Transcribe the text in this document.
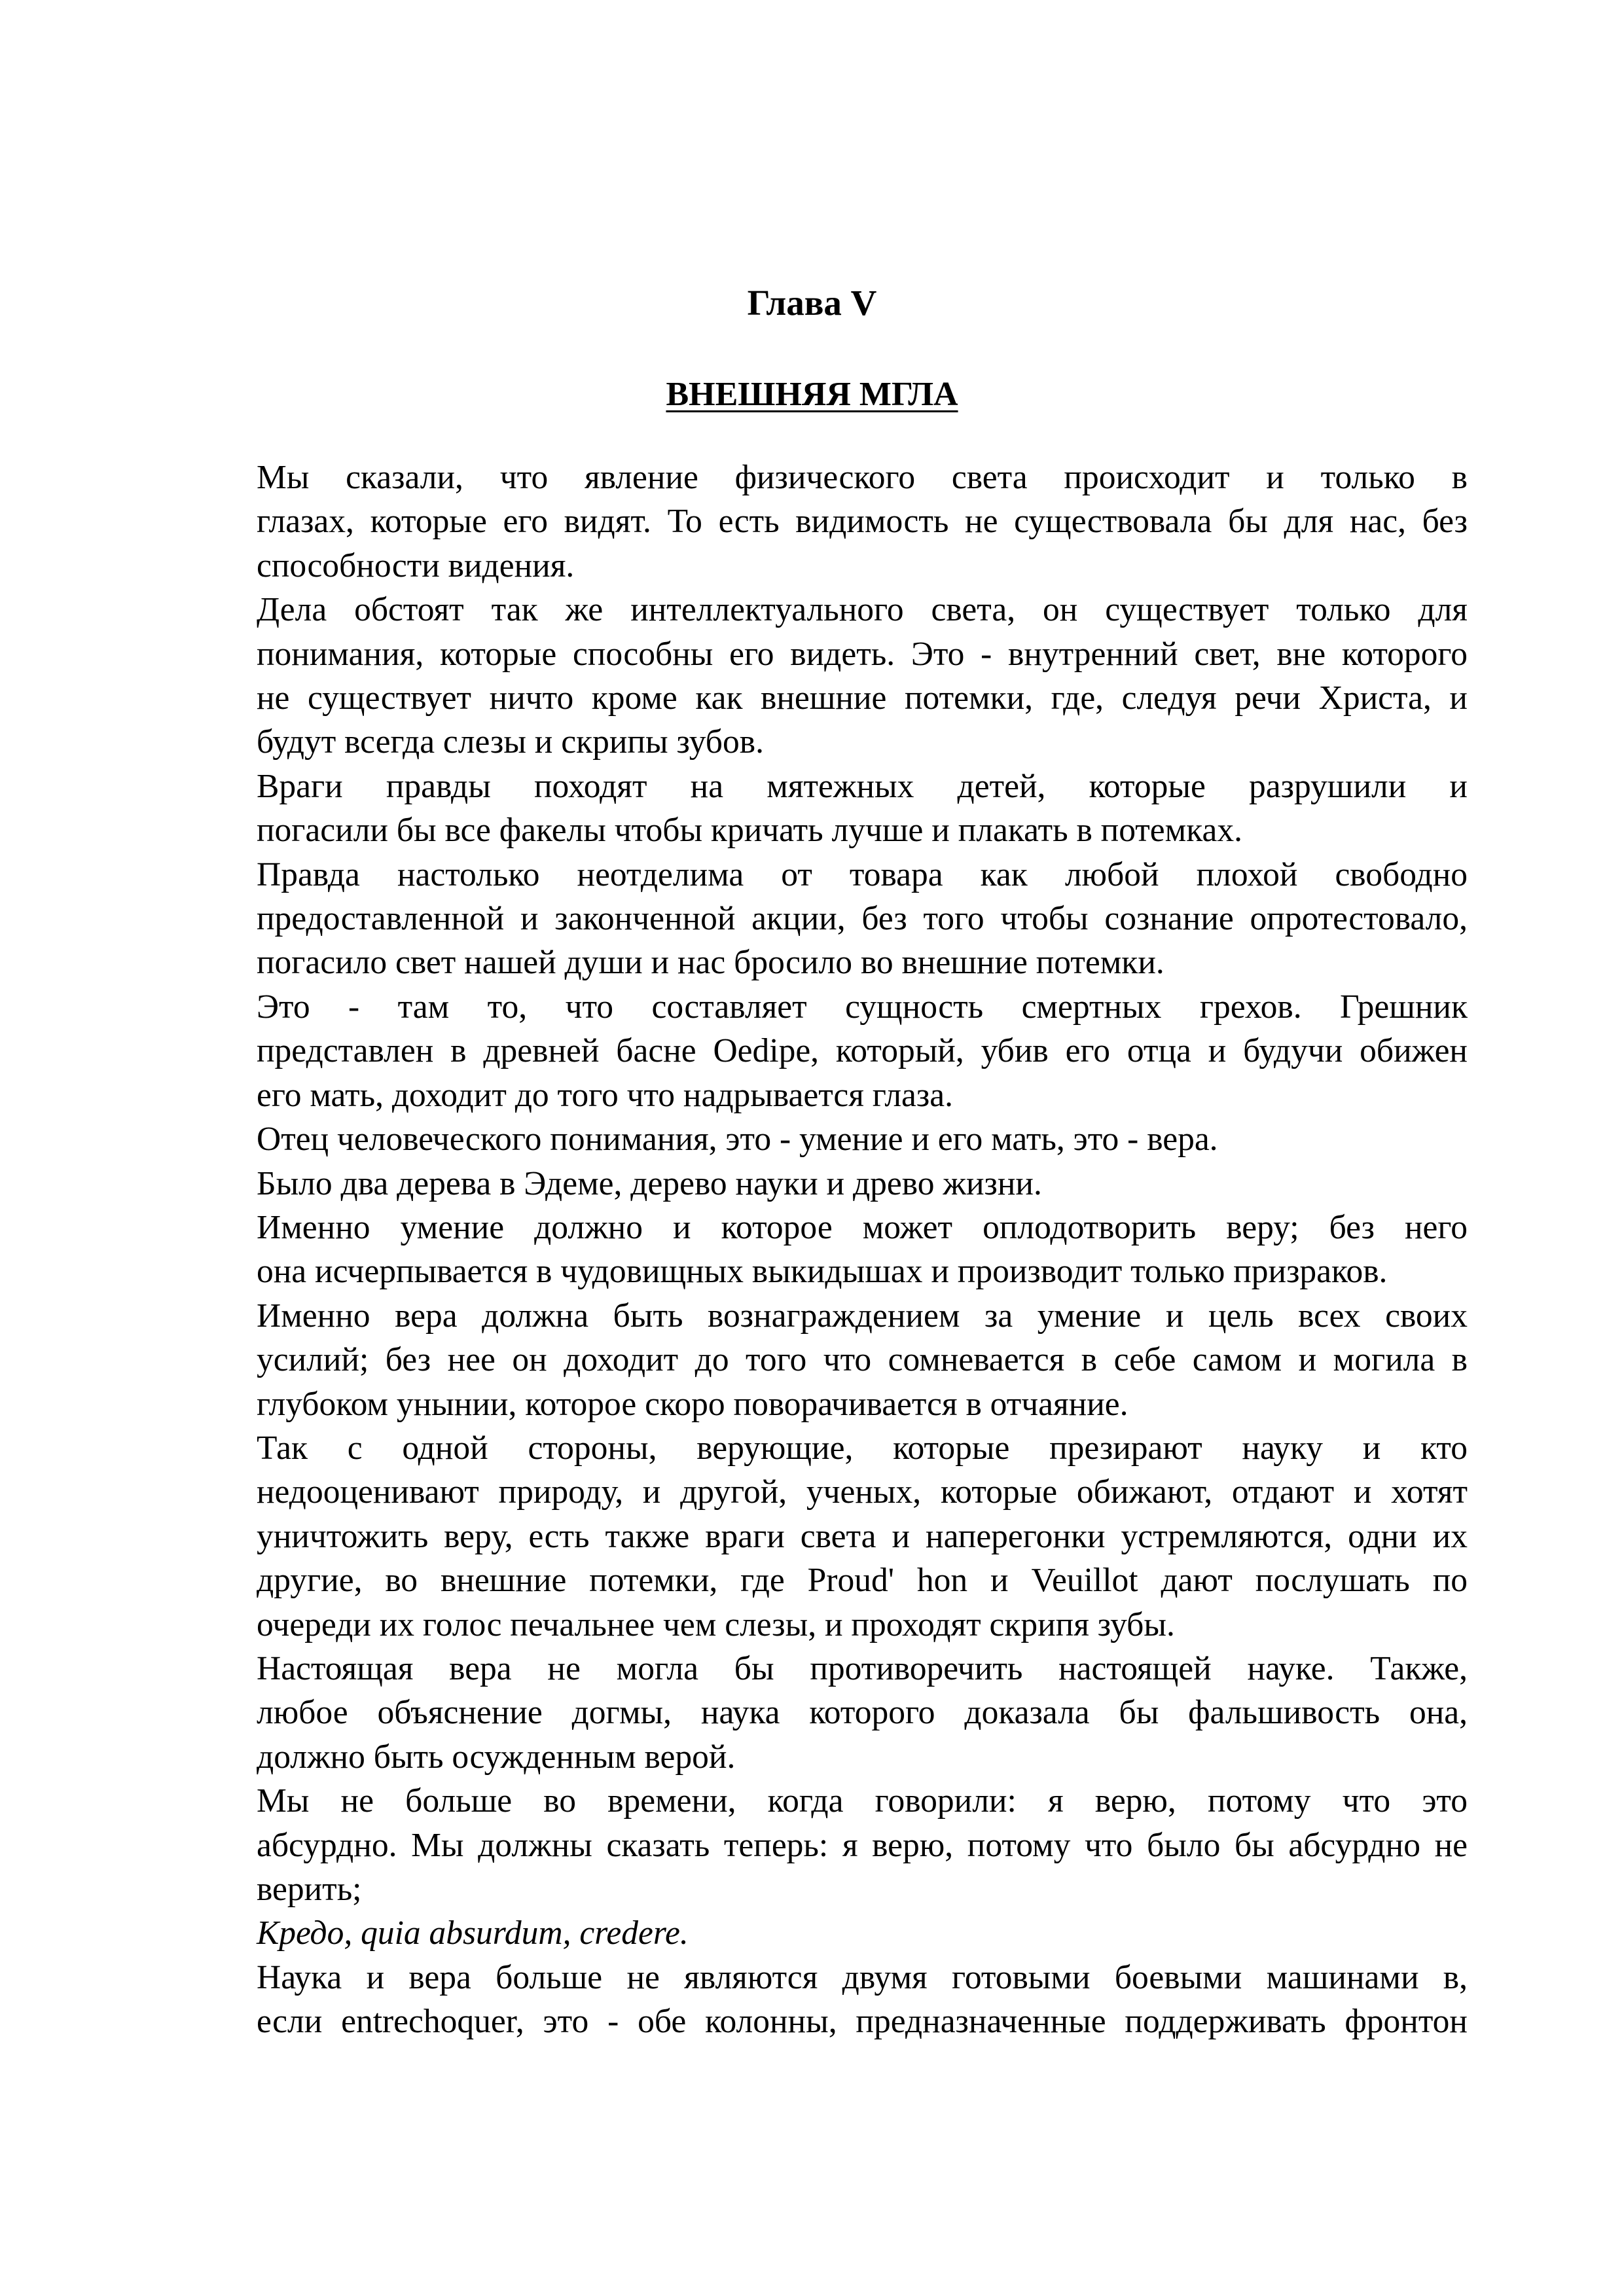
Глава V
ВНЕШНЯЯ МГЛА

Мы сказали, что явление физического света происходит и только в
глазах, которые его видят. То есть видимость не существовала бы для нас, без
способности видения.

Дела обстоят так же интеллектуального света, он существует только для
понимания, которые способны его видеть. Это - внутренний свет, вне которого
не существует ничто кроме как внешние потемки, где, следуя речи Христа, и
будут всегда слезы и скрипы зубов.

Враги правды походят на мятежных детей, которые разрушили и
погасили бы все факелы чтобы кричать лучше и плакать в потемках.

Правда настолько неотделима от товара как любой плохой свободно
предоставленной и законченной акции, без того чтобы сознание опротестовало,
погасило свет нашей души и нас бросило во внешние потемки.

Это - там то, что составляет сущность смертных грехов. Грешник
представлен в древней басне Oedipe, который, убив его отца и будучи обижен
его мать, доходит до того что надрывается глаза.

Отец человеческого понимания, это - умение и его мать, это - вера.

Было два дерева в Эдеме, дерево науки и древо жизни.

Именно умение должно и которое может оплодотворить веру; без него
она исчерпывается в чудовищных выкидышах и производит только призраков.

Именно вера должна быть вознаграждением за умение и цель всех своих
усилий; без нее он доходит до того что сомневается в себе самом и могила в
глубоком унынии, которое скоро поворачивается в отчаяние.

Так с одной стороны, верующие, которые презирают науку и кто
недооценивают природу, и другой, ученых, которые обижают, отдают и хотят
уничтожить веру, есть также враги света и наперегонки устремляются, одни их
другие, во внешние потемки, где Proud' hon и Veuillot дают послушать по
очереди их голос печальнее чем слезы, и проходят скрипя зубы.

Настоящая вера не могла бы противоречить настоящей науке. Также,
любое объяснение догмы, наука которого доказала бы фальшивость она,
должно быть осужденным верой.

Мы не больше во времени, когда говорили: я верю, потому что это
абсурдно. Мы должны сказать теперь: я верю, потому что было бы абсурдно не
верить;

Кредо, quia absurdum, credere.

Наука и вера больше не являются двумя готовыми боевыми машинами в,
если entrechoquer, это - обе колонны, предназначенные поддерживать фронтон
